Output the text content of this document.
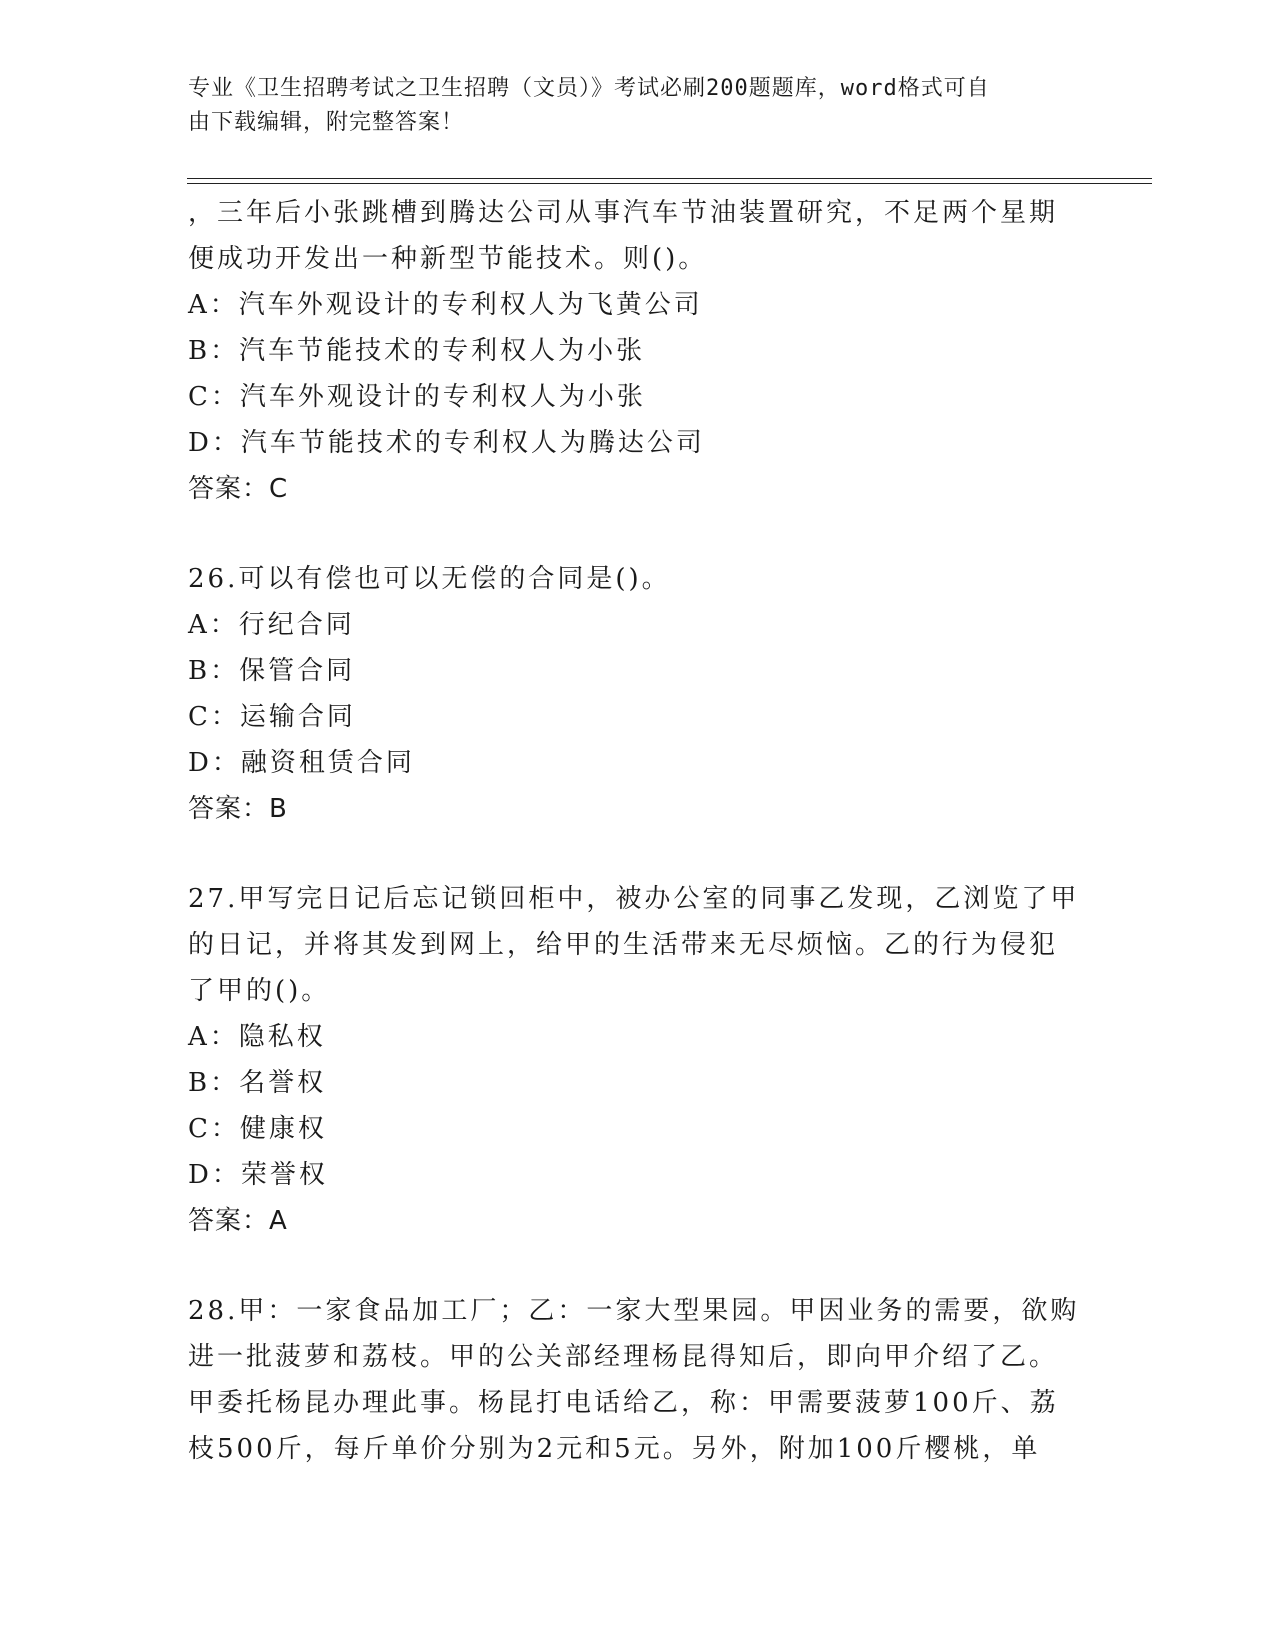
专业《卫生招聘考试之卫生招聘（文员）》考试必刷200题题库，word格式可自
由下载编辑，附完整答案！
，三年后小张跳槽到腾达公司从事汽车节油装置研究，不足两个星期
便成功开发出一种新型节能技术。则()。
A：汽车外观设计的专利权人为飞黄公司
B：汽车节能技术的专利权人为小张
C：汽车外观设计的专利权人为小张
D：汽车节能技术的专利权人为腾达公司
答案：C
26.可以有偿也可以无偿的合同是()。
A：行纪合同
B：保管合同
C：运输合同
D：融资租赁合同
答案：B
27.甲写完日记后忘记锁回柜中，被办公室的同事乙发现，乙浏览了甲
的日记，并将其发到网上，给甲的生活带来无尽烦恼。乙的行为侵犯
了甲的()。
A：隐私权
B：名誉权
C：健康权
D：荣誉权
答案：A
28.甲：一家食品加工厂；乙：一家大型果园。甲因业务的需要，欲购
进一批菠萝和荔枝。甲的公关部经理杨昆得知后，即向甲介绍了乙。
甲委托杨昆办理此事。杨昆打电话给乙，称：甲需要菠萝100斤、荔
枝500斤，每斤单价分别为2元和5元。另外，附加100斤樱桃，单
